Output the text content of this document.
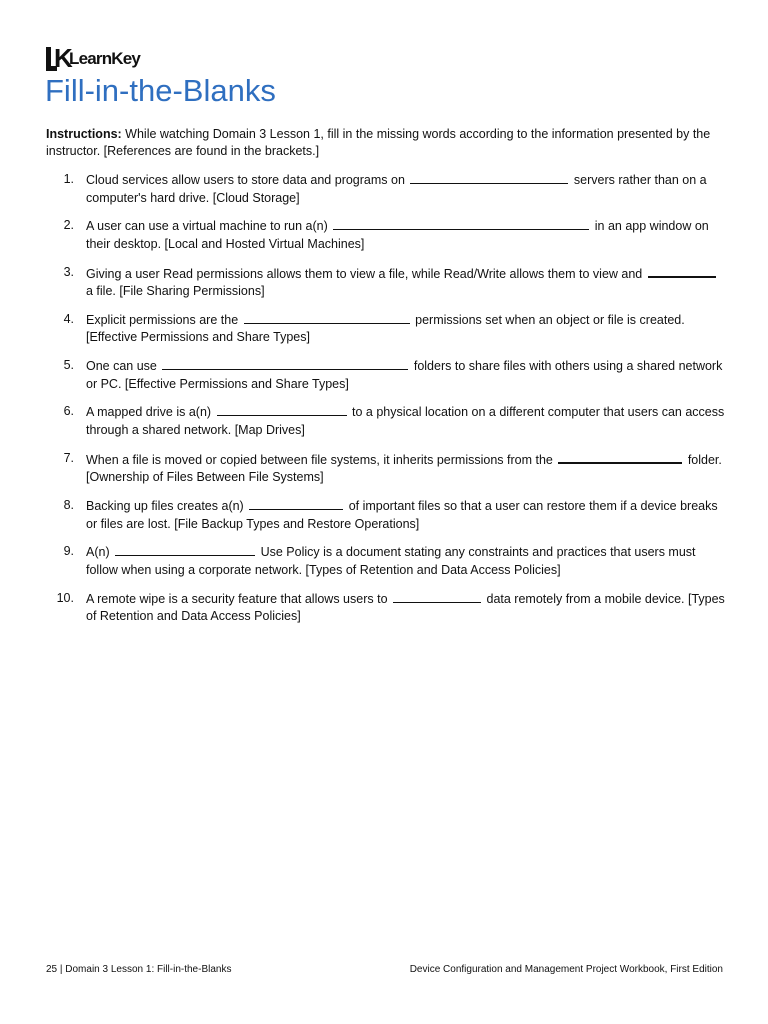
K
LearnKey
Fill-in-the-Blanks

Instructions: While watching Domain 3 Lesson 1, fill in the missing words according to the information presented by the instructor. [References are found in the brackets.]

1. Cloud services allow users to store data and programs on	servers rather than on a computer's hard drive. [Cloud Storage]
2. A user can use a virtual machine to run a(n)	in an app window on their desktop. [Local and Hosted Virtual Machines]
3. Giving a user Read permissions allows them to view a file, while Read/Write allows them to view and  a file. [File Sharing Permissions]
4. Explicit permissions are the	permissions set when an object or file is created. [Effective Permissions and Share Types]
5. One can use	folders to share files with others using a shared network or PC. [Effective Permissions and Share Types]
6. A mapped drive is a(n)	to a physical location on a different computer that users can access through a shared network. [Map Drives]
7. When a file is moved or copied between file systems, it inherits permissions from the	folder. [Ownership of Files Between File Systems]
8. Backing up files creates a(n)	of important files so that a user can restore them if a device breaks or files are lost. [File Backup Types and Restore Operations]
9. A(n)	Use Policy is a document stating any constraints and practices that users must follow when using a corporate network. [Types of Retention and Data Access Policies]
10. A remote wipe is a security feature that allows users to	data remotely from a mobile device. [Types of Retention and Data Access Policies]
25 | Domain 3 Lesson 1: Fill-in-the-Blanks	Device Configuration and Management Project Workbook, First Edition
